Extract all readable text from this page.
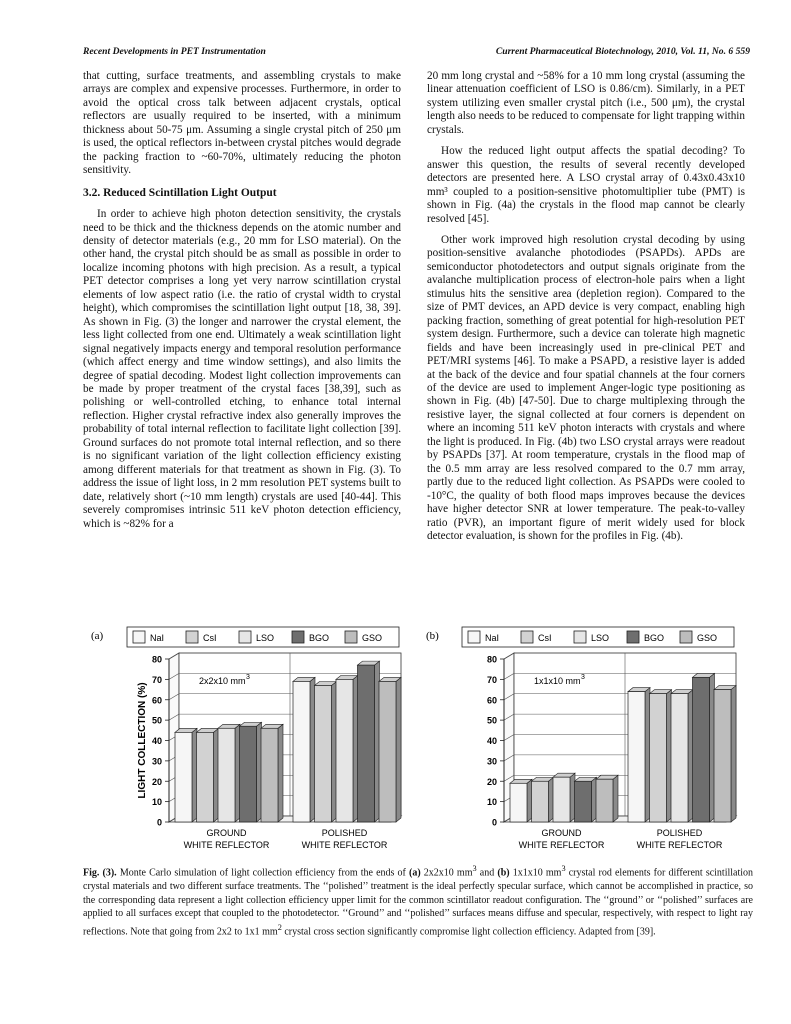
Recent Developments in PET Instrumentation	Current Pharmaceutical Biotechnology, 2010, Vol. 11, No. 6 559

that cutting, surface treatments, and assembling crystals to make arrays are complex and expensive processes. Furthermore, in order to avoid the optical cross talk between adjacent crystals, optical reflectors are usually required to be inserted, with a minimum thickness about 50-75 μm. Assuming a single crystal pitch of 250 μm is used, the optical reflectors in-between crystal pitches would degrade the packing fraction to ~60-70%, ultimately reducing the photon sensitivity.

3.2. Reduced Scintillation Light Output

In order to achieve high photon detection sensitivity, the crystals need to be thick and the thickness depends on the atomic number and density of detector materials (e.g., 20 mm for LSO material). On the other hand, the crystal pitch should be as small as possible in order to localize incoming photons with high precision. As a result, a typical PET detector comprises a long yet very narrow scintillation crystal elements of low aspect ratio (i.e. the ratio of crystal width to crystal height), which compromises the scintillation light output [18, 38, 39]. As shown in Fig. (3) the longer and narrower the crystal element, the less light collected from one end. Ultimately a weak scintillation light signal negatively impacts energy and temporal resolution performance (which affect energy and time window settings), and also limits the degree of spatial decoding. Modest light collection improvements can be made by proper treatment of the crystal faces [38,39], such as polishing or well-controlled etching, to enhance total internal reflection. Higher crystal refractive index also generally improves the probability of total internal reflection to facilitate light collection [39]. Ground surfaces do not promote total internal reflection, and so there is no significant variation of the light collection efficiency existing among different materials for that treatment as shown in Fig. (3). To address the issue of light loss, in 2 mm resolution PET systems built to date, relatively short (~10 mm length) crystals are used [40-44]. This severely compromises intrinsic 511 keV photon detection efficiency, which is ~82% for a

20 mm long crystal and ~58% for a 10 mm long crystal (assuming the linear attenuation coefficient of LSO is 0.86/cm). Similarly, in a PET system utilizing even smaller crystal pitch (i.e., 500 μm), the crystal length also needs to be reduced to compensate for light trapping within crystals.

How the reduced light output affects the spatial decoding? To answer this question, the results of several recently developed detectors are presented here. A LSO crystal array of 0.43x0.43x10 mm³ coupled to a position-sensitive photomultiplier tube (PMT) is shown in Fig. (4a) the crystals in the flood map cannot be clearly resolved [45].

Other work improved high resolution crystal decoding by using position-sensitive avalanche photodiodes (PSAPDs). APDs are semiconductor photodetectors and output signals originate from the avalanche multiplication process of electron-hole pairs when a light stimulus hits the sensitive area (depletion region). Compared to the size of PMT devices, an APD device is very compact, enabling high packing fraction, something of great potential for high-resolution PET system design. Furthermore, such a device can tolerate high magnetic fields and have been increasingly used in pre-clinical PET and PET/MRI systems [46]. To make a PSAPD, a resistive layer is added at the back of the device and four spatial channels at the four corners of the device are used to implement Anger-logic type positioning as shown in Fig. (4b) [47-50]. Due to charge multiplexing through the resistive layer, the signal collected at four corners is dependent on where an incoming 511 keV photon interacts with crystals and where the light is produced. In Fig. (4b) two LSO crystal arrays were readout by PSAPDs [37]. At room temperature, crystals in the flood map of the 0.5 mm array are less resolved compared to the 0.7 mm array, partly due to the reduced light collection. As PSAPDs were cooled to -10°C, the quality of both flood maps improves because the devices have higher detector SNR at lower temperature. The peak-to-valley ratio (PVR), an important figure of merit widely used for block detector evaluation, is shown for the profiles in Fig. (4b).

(a)	NaI	CsI	LSO	BGO	GSO
0
10
20
30
40
50
60
70
80
LIGHT COLLECTION (%)
2x2x10 mm 3
GROUND
WHITE REFLECTOR
POLISHED
WHITE REFLECTOR
(b)	NaI	CsI	LSO	BGO	GSO
0
10
20
30
40
50
60
70
80
1x1x10 mm 3
GROUND
WHITE REFLECTOR
POLISHED
WHITE REFLECTOR
Fig. (3). Monte Carlo simulation of light collection efficiency from the ends of (a) 2x2x10 $mm^3$ and (b) 1x1x10 $mm^3$ crystal rod elements for different scintillation crystal materials and two different surface treatments. The ‘‘polished’’ treatment is the ideal perfectly specular surface, which cannot be accomplished in practice, so the corresponding data represent a light collection efficiency upper limit for the common scintillator readout configuration. The ‘‘ground’’ or ‘‘polished’’ surfaces are applied to all surfaces except that coupled to the photodetector. ‘‘Ground’’ and ‘‘polished’’ surfaces means diffuse and specular, respectively, with respect to light ray reflections. Note that going from 2x2 to 1x1 $mm^2$ crystal cross section significantly compromise light collection efficiency. Adapted from [39].
